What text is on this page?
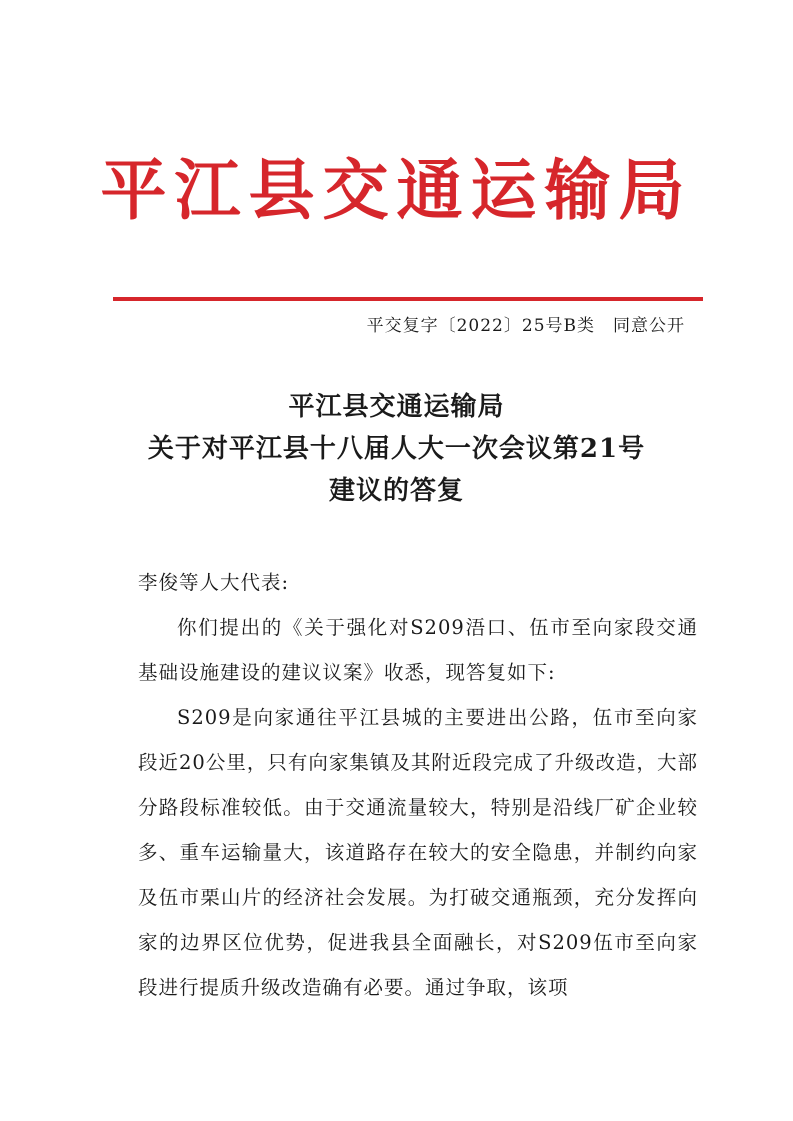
平江县交通运输局
平交复字〔2022〕25号B类 同意公开
平江县交通运输局
关于对平江县十八届人大一次会议第21号
建议的答复

李俊等人大代表:

你们提出的《关于强化对S209浯口、伍市至向家段交通基础设施建设的建议议案》收悉，现答复如下:

S209是向家通往平江县城的主要进出公路，伍市至向家段近20公里，只有向家集镇及其附近段完成了升级改造，大部分路段标准较低。由于交通流量较大，特别是沿线厂矿企业较多、重车运输量大，该道路存在较大的安全隐患，并制约向家及伍市栗山片的经济社会发展。为打破交通瓶颈，充分发挥向家的边界区位优势，促进我县全面融长，对S209伍市至向家段进行提质升级改造确有必要。通过争取，该项
